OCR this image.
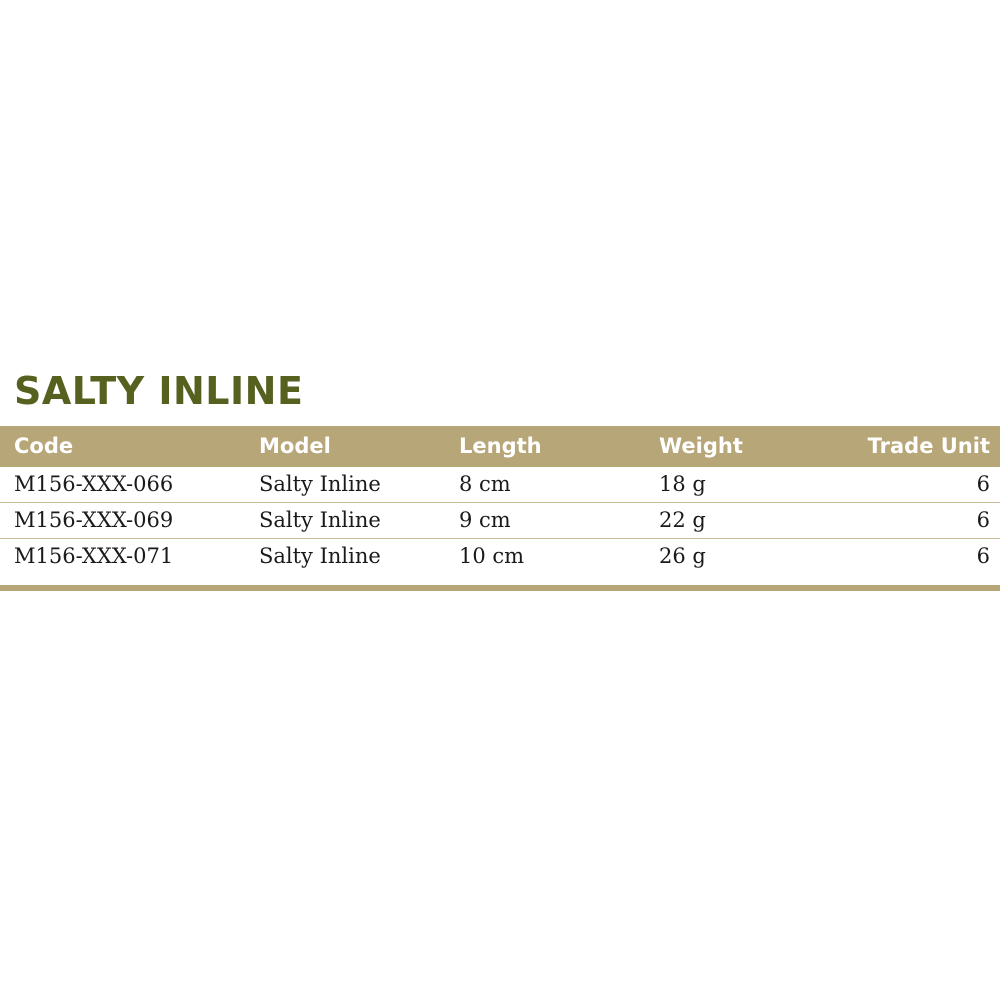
SALTY INLINE
Code	Model	Length	Weight	Trade Unit
M156-XXX-066	Salty Inline	8 cm	18 g	6
M156-XXX-069	Salty Inline	9 cm	22 g	6
M156-XXX-071	Salty Inline	10 cm	26 g	6
